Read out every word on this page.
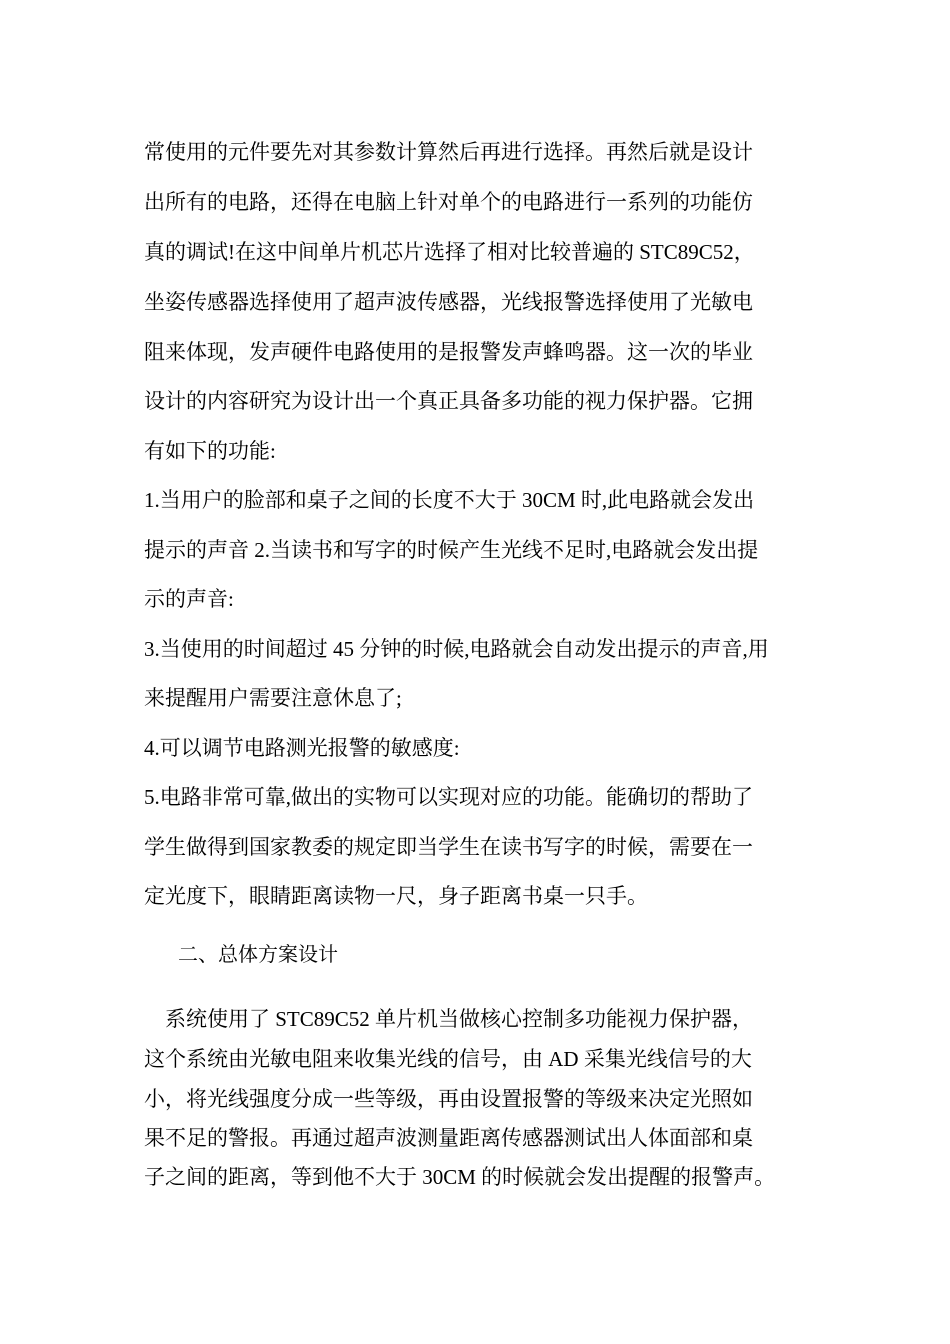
常使用的元件要先对其参数计算然后再进行选择。再然后就是设计
出所有的电路，还得在电脑上针对单个的电路进行一系列的功能仿
真的调试!在这中间单片机芯片选择了相对比较普遍的 STC89C52，
坐姿传感器选择使用了超声波传感器，光线报警选择使用了光敏电
阻来体现，发声硬件电路使用的是报警发声蜂鸣器。这一次的毕业
设计的内容研究为设计出一个真正具备多功能的视力保护器。它拥
有如下的功能:
1.当用户的脸部和桌子之间的长度不大于 30CM 时,此电路就会发出
提示的声音 2.当读书和写字的时候产生光线不足时,电路就会发出提
示的声音:
3.当使用的时间超过 45 分钟的时候,电路就会自动发出提示的声音,用
来提醒用户需要注意休息了;
4.可以调节电路测光报警的敏感度:
5.电路非常可靠,做出的实物可以实现对应的功能。能确切的帮助了
学生做得到国家教委的规定即当学生在读书写字的时候，需要在一
定光度下，眼睛距离读物一尺，身子距离书桌一只手。
二、总体方案设计
系统使用了 STC89C52 单片机当做核心控制多功能视力保护器，
这个系统由光敏电阻来收集光线的信号，由 AD 采集光线信号的大
小，将光线强度分成一些等级，再由设置报警的等级来决定光照如
果不足的警报。再通过超声波测量距离传感器测试出人体面部和桌
子之间的距离，等到他不大于 30CM 的时候就会发出提醒的报警声。
